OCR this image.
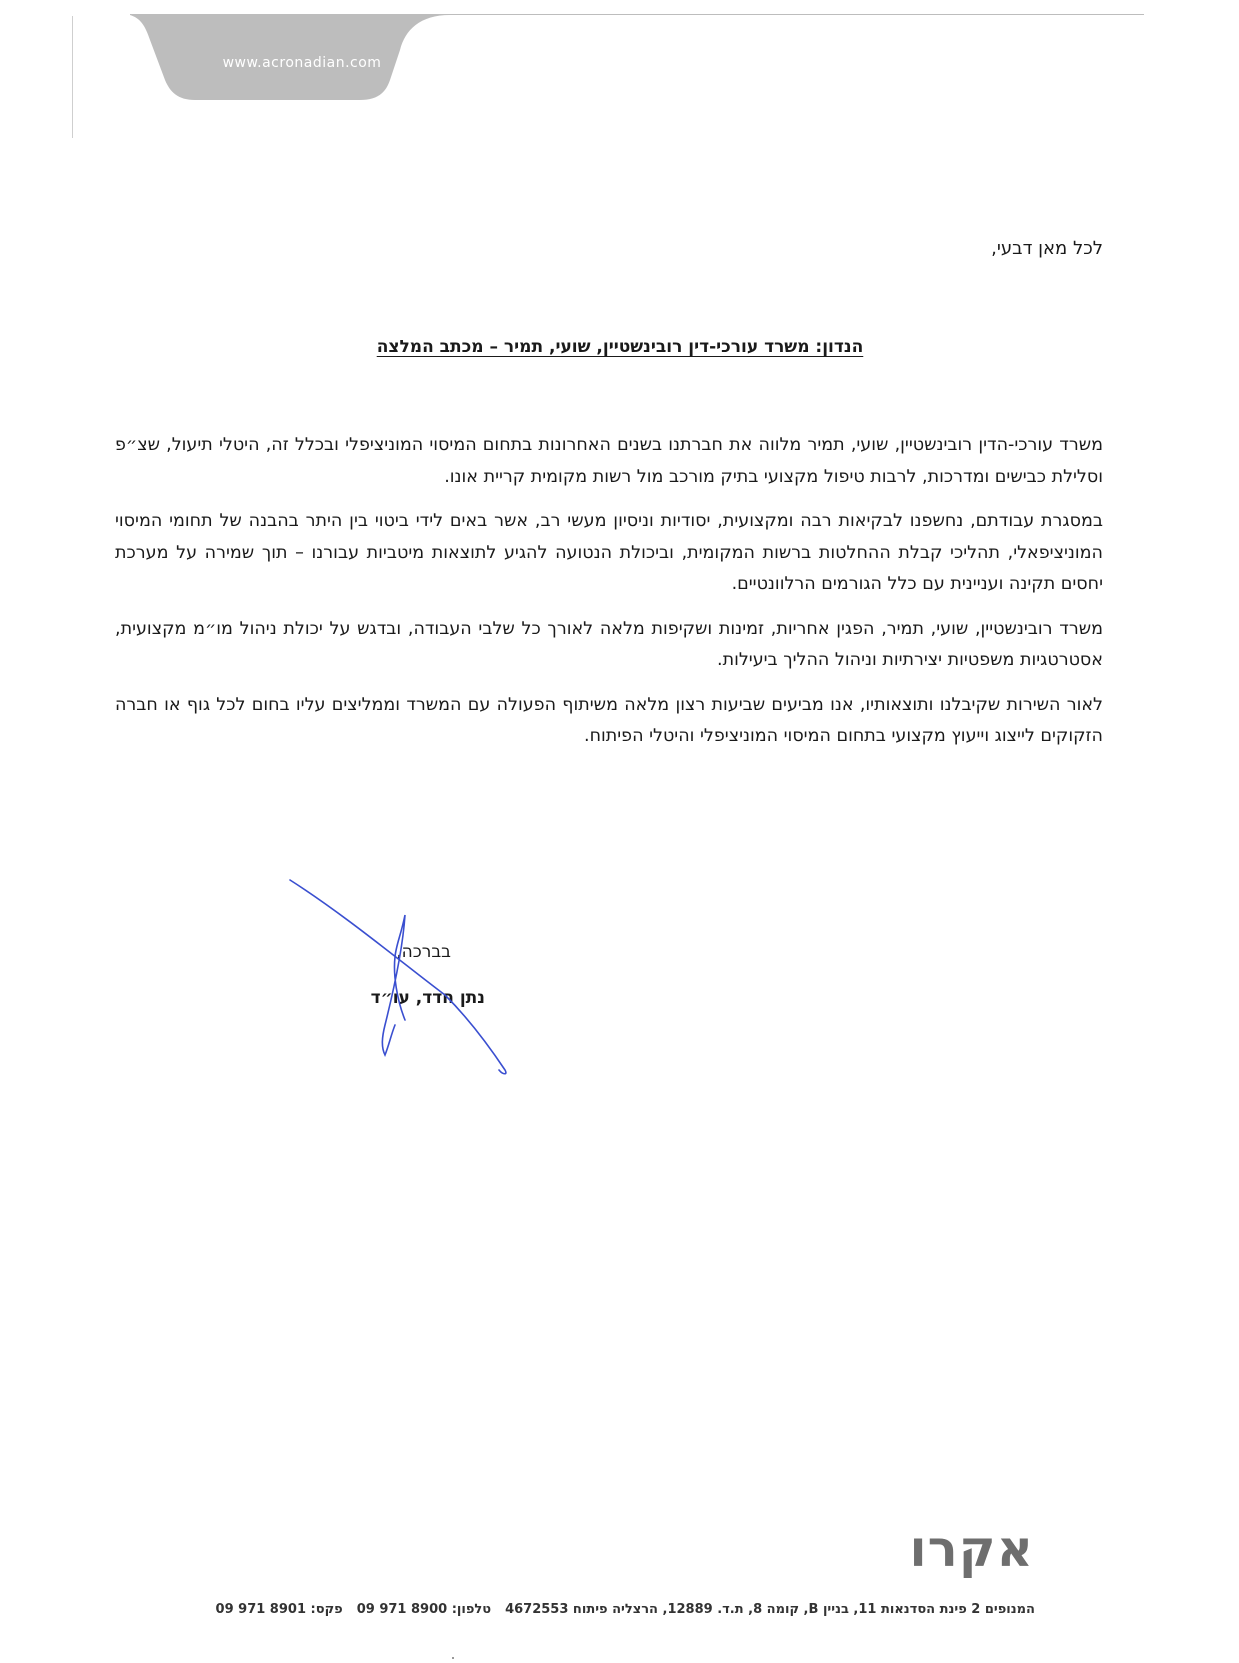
www.acronadian.com
לכל מאן דבעי,
הנדון: משרד עורכי-דין רובינשטיין, שועי, תמיר – מכתב המלצה

משרד עורכי-הדין רובינשטיין, שועי, תמיר מלווה את חברתנו בשנים האחרונות בתחום המיסוי המוניציפלי ובכלל זה, היטלי תיעול, שצ״פ וסלילת כבישים ומדרכות, לרבות טיפול מקצועי בתיק מורכב מול רשות מקומית קריית אונו.

במסגרת עבודתם, נחשפנו לבקיאות רבה ומקצועית, יסודיות וניסיון מעשי רב, אשר באים לידי ביטוי בין היתר בהבנה של תחומי המיסוי המוניציפאלי, תהליכי קבלת ההחלטות ברשות המקומית, וביכולת הנטועה להגיע לתוצאות מיטביות עבורנו – תוך שמירה על מערכת יחסים תקינה ועניינית עם כלל הגורמים הרלוונטיים.

משרד רובינשטיין, שועי, תמיר, הפגין אחריות, זמינות ושקיפות מלאה לאורך כל שלבי העבודה, ובדגש על יכולת ניהול מו״מ מקצועית, אסטרטגיות משפטיות יצירתיות וניהול ההליך ביעילות.

לאור השירות שקיבלנו ותוצאותיו, אנו מביעים שביעות רצון מלאה משיתוף הפעולה עם המשרד וממליצים עליו בחום לכל גוף או חברה הזקוקים לייצוג וייעוץ מקצועי בתחום המיסוי המוניציפלי והיטלי הפיתוח.

בברכה,
נתן חדד, עו״ד
אקרו
המנופים 2 פינת הסדנאות 11, בניין B, קומה 8, ת.ד. 12889, הרצליה פיתוח 4672553טלפון: 09 971 8900פקס: 09 971 8901
